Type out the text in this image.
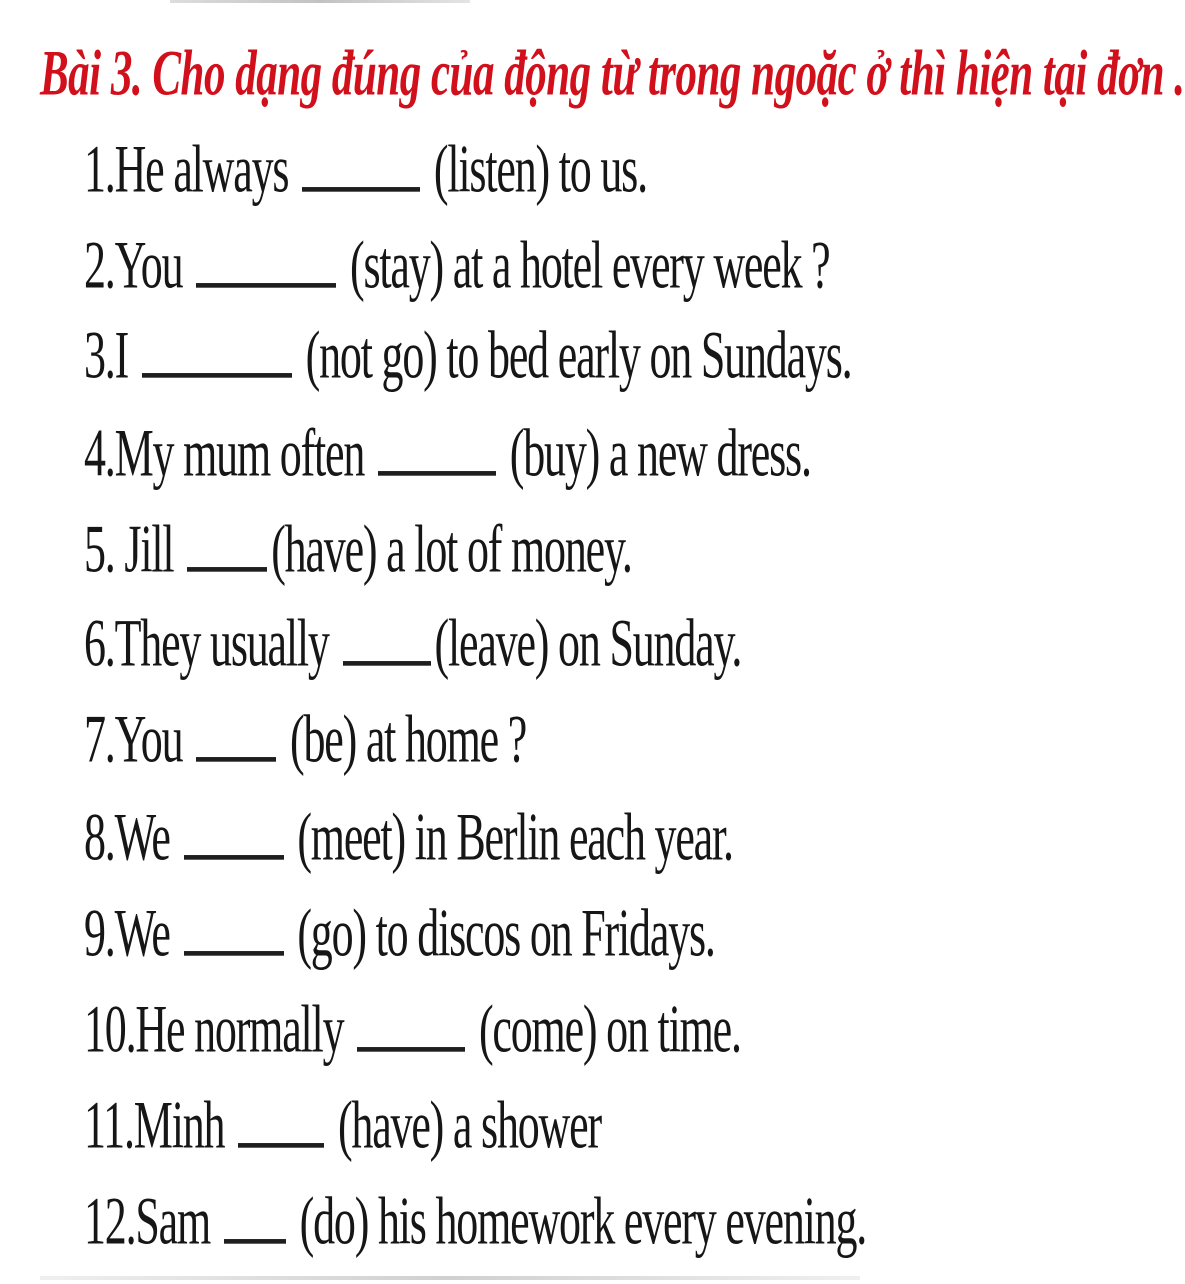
Bài 3. Cho dạng đúng của động từ trong ngoặc ở thì hiện tại đơn .
1.He always	(listen) to us.
2.You	(stay) at a hotel every week ?
3.I	(not go) to bed early on Sundays.
4.My mum often	(buy) a new dress.
5. Jill (have) a lot of money.
6.They usually (leave) on Sunday.
7.You  (be) at home ?
8.We  (meet) in Berlin each year.
9.We  (go) to discos on Fridays.
10.He normally	(come) on time.
11.Minh  (have) a shower
12.Sam  (do) his homework every evening.
